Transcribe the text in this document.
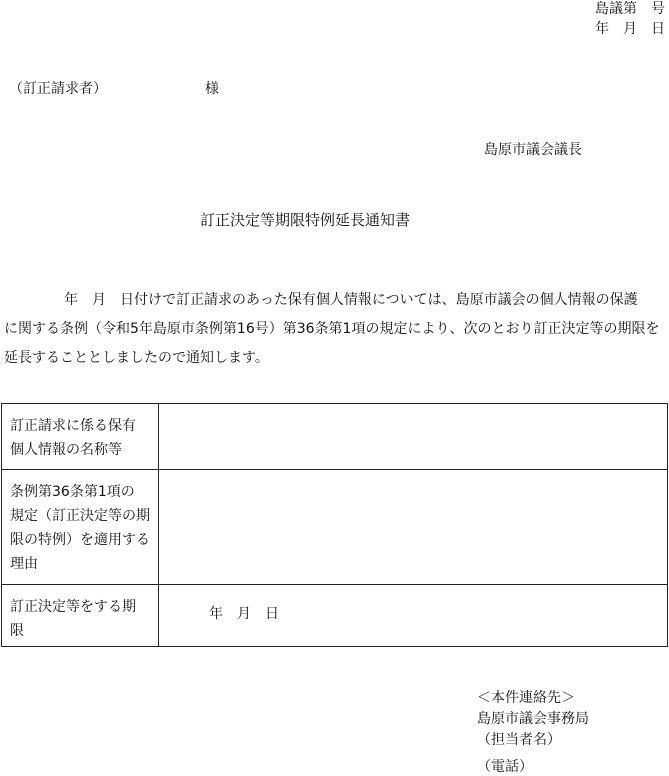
島議第　号
年　月　日
（訂正請求者）	様
島原市議会議長
訂正決定等期限特例延長通知書
年　月　日付けで訂正請求のあった保有個人情報については、島原市議会の個人情報の保護
に関する条例（令和5年島原市条例第16号）第36条第1項の規定により、次のとおり訂正決定等の期限を
延長することとしましたので通知します。
訂正請求に係る保有
個人情報の名称等	

条例第36条第1項の
規定（訂正決定等の期
限の特例）を適用する
理由	

訂正決定等をする期
限	年　月　日
＜本件連絡先＞
島原市議会事務局
（担当者名）
（電話）
